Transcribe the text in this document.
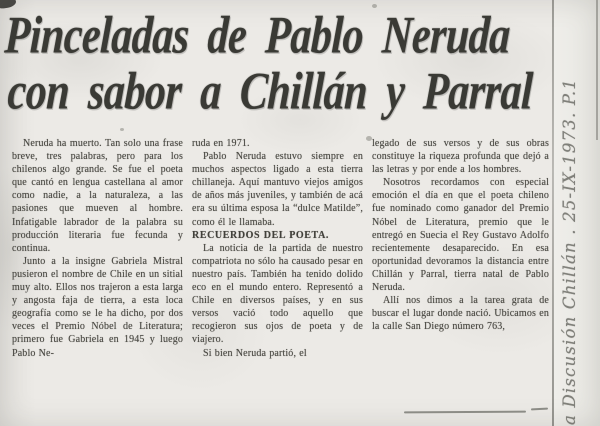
Pinceladas de Pablo Neruda
con sabor a Chillán y Parral

Neruda ha muerto. Tan solo una frase breve, tres palabras, pero para los chilenos algo grande. Se fue el poeta que cantó en lengua castellana al amor como nadie, a la naturaleza, a las pasiones que mueven al hombre. Infatigable labrador de la palabra su producción literaria fue fecunda y continua.

Junto a la insigne Gabriela Mistral pusieron el nombre de Chile en un sitial muy alto. Ellos nos trajeron a esta larga y angosta faja de tierra, a esta loca geografía como se le ha dicho, por dos veces el Premio Nóbel de Literatura; primero fue Gabriela en 1945 y luego Pablo Ne-

ruda en 1971.

Pablo Neruda estuvo siempre en muchos aspectos ligado a esta tierra chillaneja. Aquí mantuvo viejos amigos de años más juveniles, y también de acá era su última esposa la “dulce Matilde”, como él le llamaba.

RECUERDOS DEL POETA.

La noticia de la partida de nuestro compatriota no sólo ha causado pesar en nuestro país. También ha tenido dolido eco en el mundo entero. Representó a Chile en diversos países, y en sus versos vació todo aquello que recogieron sus ojos de poeta y de viajero.

Si bien Neruda partió, el

legado de sus versos y de sus obras constituye la riqueza profunda que dejó a las letras y por ende a los hombres.

Nosotros recordamos con especial emoción el día en que el poeta chileno fue nominado como ganador del Premio Nóbel de Literatura, premio que le entregó en Suecia el Rey Gustavo Adolfo recientemente desaparecido. En esa oportunidad devoramos la distancia entre Chillán y Parral, tierra natal de Pablo Neruda.

Allí nos dimos a la tarea grata de buscar el lugar donde nació. Ubicamos en la calle San Diego número 763,	a Discusión Chillán . 25-IX-1973. P.1
